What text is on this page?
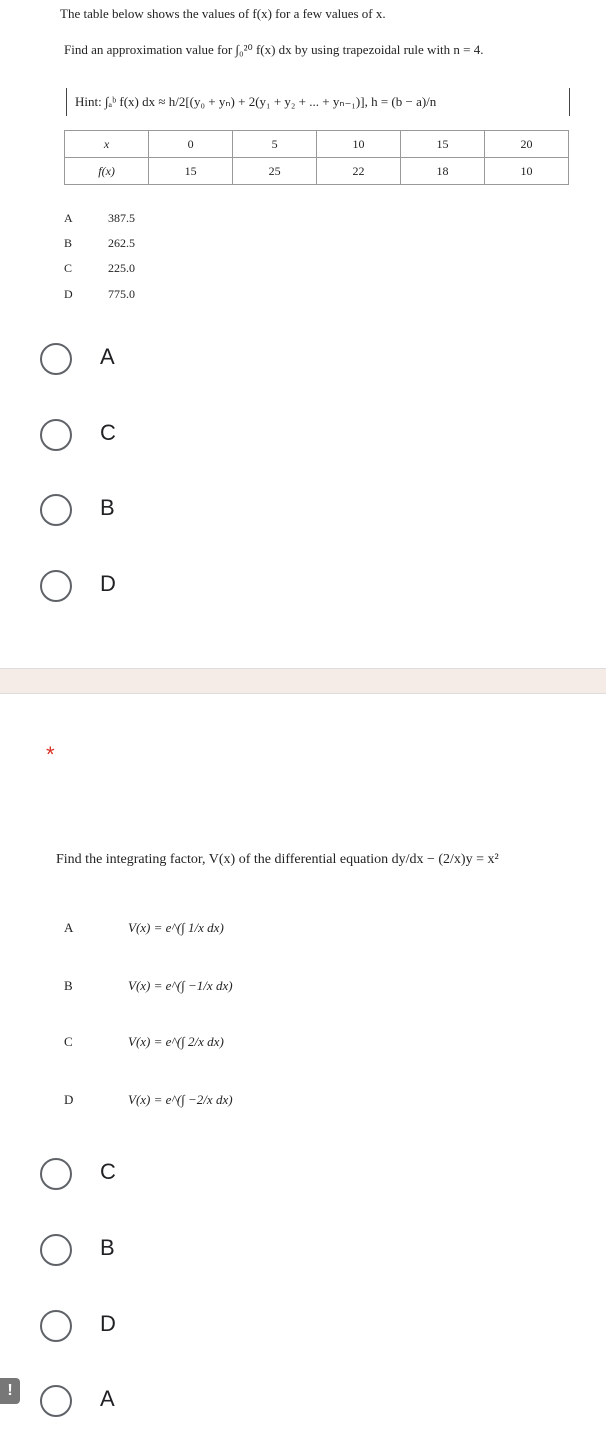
The table below shows the values of f(x) for a few values of x.
Find an approximation value for ∫₀²⁰ f(x) dx by using trapezoidal rule with n = 4.
Hint: ∫ₐᵇ f(x) dx ≈ h/2[(y₀ + yₙ) + 2(y₁ + y₂ + ... + yₙ₋₁)], h = (b − a)/n
x	0	5	10	15	20
f(x)	15	25	22	18	10
A	387.5
B	262.5
C	225.0
D	775.0
A
C
B
D
*
Find the integrating factor, V(x) of the differential equation dy/dx − (2/x)y = x²
A	V(x) = e^(∫ 1/x dx)
B	V(x) = e^(∫ −1/x dx)
C	V(x) = e^(∫ 2/x dx)
D	V(x) = e^(∫ −2/x dx)
C
B
D
A
!
